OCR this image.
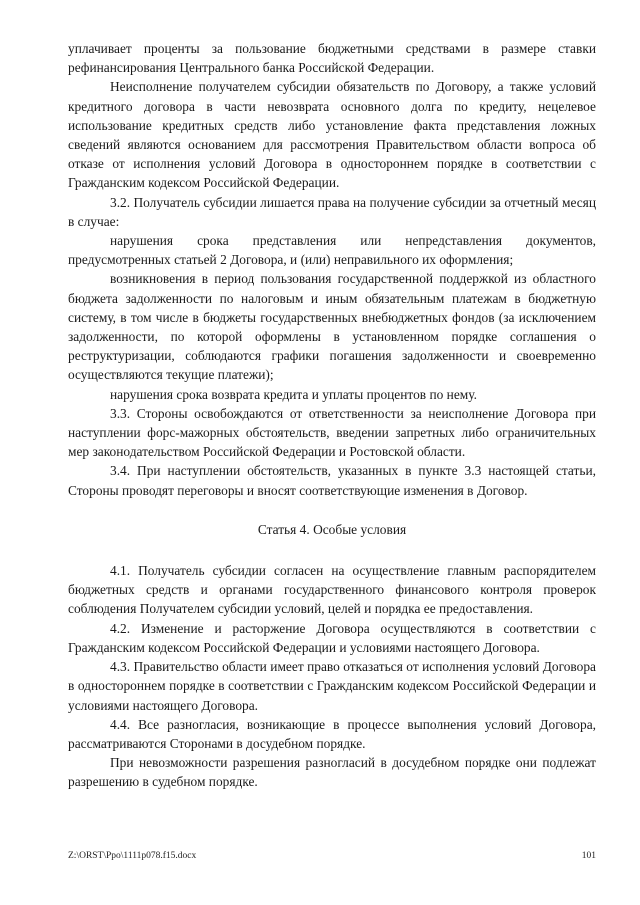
уплачивает проценты за пользование бюджетными средствами в размере ставки рефинансирования Центрального банка Российской Федерации.

Неисполнение получателем субсидии обязательств по Договору, а также условий кредитного договора в части невозврата основного долга по кредиту, нецелевое использование кредитных средств либо установление факта представления ложных сведений являются основанием для рассмотрения Правительством области вопроса об отказе от исполнения условий Договора в одностороннем порядке в соответствии с Гражданским кодексом Российской Федерации.

3.2. Получатель субсидии лишается права на получение субсидии за отчетный месяц в случае:

нарушения срока представления или непредставления документов, предусмотренных статьей 2 Договора, и (или) неправильного их оформления;

возникновения в период пользования государственной поддержкой из областного бюджета задолженности по налоговым и иным обязательным платежам в бюджетную систему, в том числе в бюджеты государственных внебюджетных фондов (за исключением задолженности, по которой оформлены в установленном порядке соглашения о реструктуризации, соблюдаются графики погашения задолженности и своевременно осуществляются текущие платежи);

нарушения срока возврата кредита и уплаты процентов по нему.

3.3. Стороны освобождаются от ответственности за неисполнение Договора при наступлении форс-мажорных обстоятельств, введении запретных либо ограничительных мер законодательством Российской Федерации и Ростовской области.

3.4. При наступлении обстоятельств, указанных в пункте 3.3 настоящей статьи, Стороны проводят переговоры и вносят соответствующие изменения в Договор.

Статья 4. Особые условия

4.1. Получатель субсидии согласен на осуществление главным распорядителем бюджетных средств и органами государственного финансового контроля проверок соблюдения Получателем субсидии условий, целей и порядка ее предоставления.

4.2. Изменение и расторжение Договора осуществляются в соответствии с Гражданским кодексом Российской Федерации и условиями настоящего Договора.

4.3. Правительство области имеет право отказаться от исполнения условий Договора в одностороннем порядке в соответствии с Гражданским кодексом Российской Федерации и условиями настоящего Договора.

4.4. Все разногласия, возникающие в процессе выполнения условий Договора, рассматриваются Сторонами в досудебном порядке.

При невозможности разрешения разногласий в досудебном порядке они подлежат разрешению в судебном порядке.

Z:\ORST\Ppo\1111p078.f15.docx	101
